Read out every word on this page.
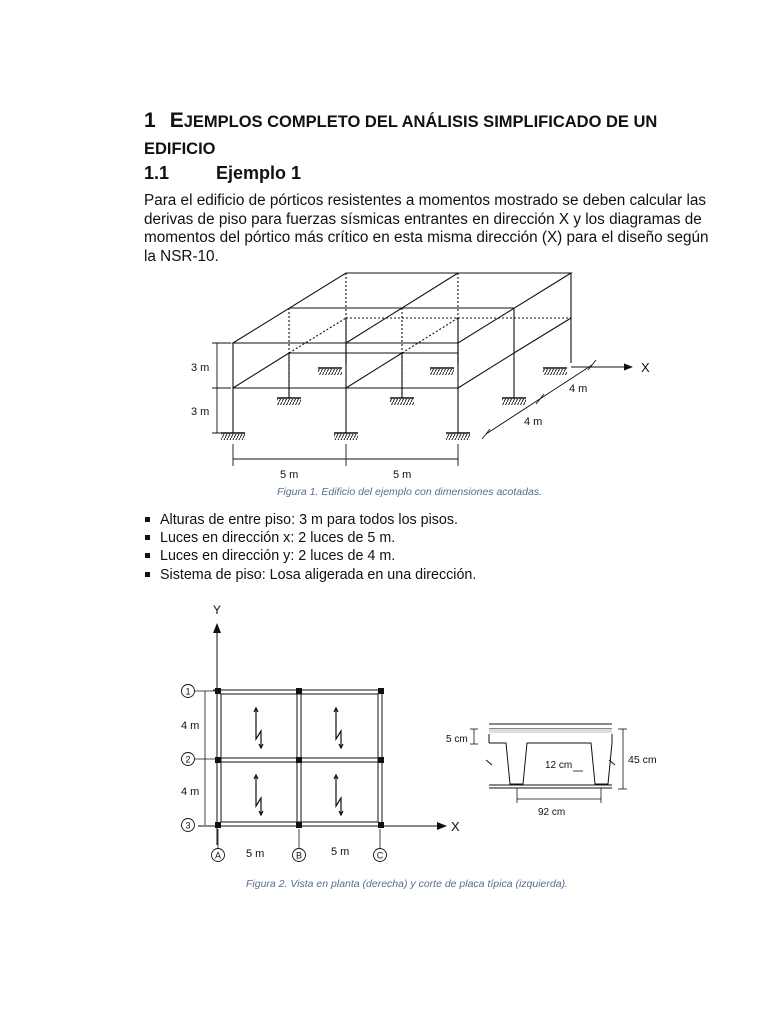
1 EJEMPLOS COMPLETO DEL ANÁLISIS SIMPLIFICADO DE UN EDIFICIO
1.1	Ejemplo 1

Para el edificio de pórticos resistentes a momentos mostrado se deben calcular las derivas de piso para fuerzas sísmicas entrantes en dirección X y los diagramas de momentos del pórtico más crítico en esta misma dirección (X) para el diseño según la NSR-10.

3 m
3 m
5 m	5 m
4 m
4 m
X
Figura 1. Edificio del ejemplo con dimensiones acotadas.
Alturas de entre piso: 3 m para todos los pisos.
Luces en dirección x: 2 luces de 5 m.
Luces en dirección y: 2 luces de 4 m.
Sistema de piso: Losa aligerada en una dirección.
Y
X
1
2
3
A	B	C
4 m
4 m
5 m	5 m
5 cm
45 cm
12 cm
92 cm
Figura 2. Vista en planta (derecha) y corte de placa típica (izquierda).
